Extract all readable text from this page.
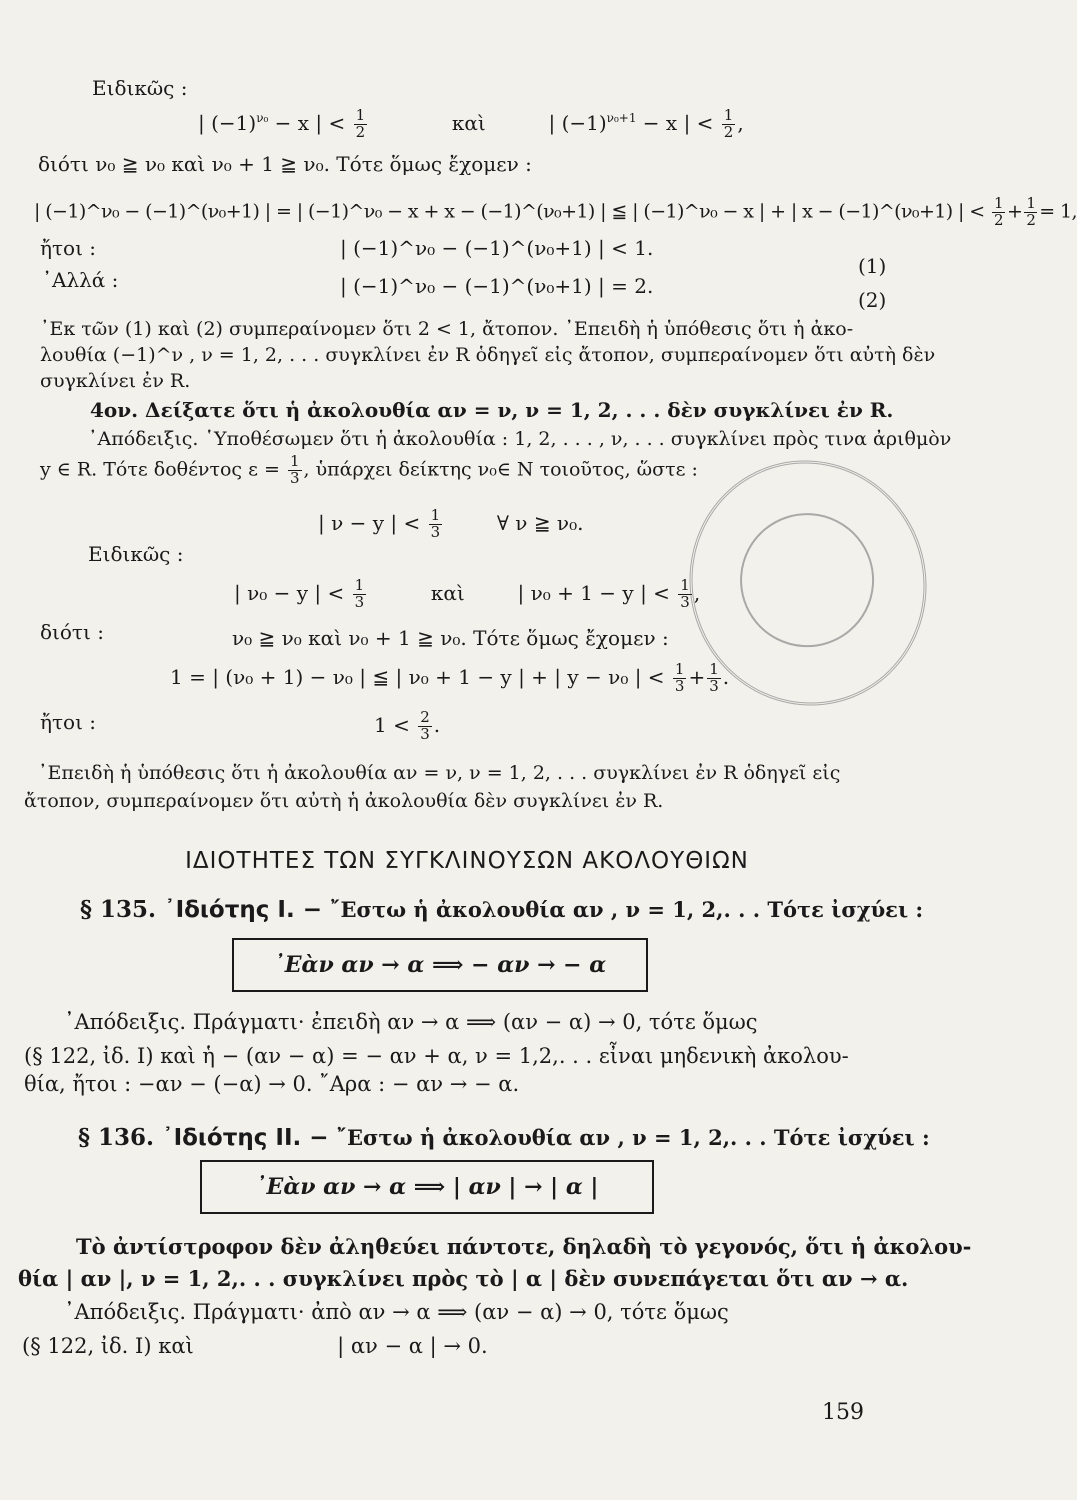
Eιδικῶς :
| $(-1)^{\nu_0} - x$ | < $\frac{1}{2}$	καὶ	| $(-1)^{\nu_0+1} - x$ | < $\frac{1}{2}$ ,
διότι ν₀ ≧ ν₀ καὶ ν₀ + 1 ≧ ν₀. Τότε ὅμως ἔχομεν :
| (−1)^ν₀ − (−1)^(ν₀+1) | = | (−1)^ν₀ − x + x − (−1)^(ν₀+1) | ≦ | (−1)^ν₀ − x | + | x − (−1)^(ν₀+1) | < $\frac{1}{2} + \frac{1}{2} = 1$,
ἤτοι :	| (−1)^ν₀ − (−1)^(ν₀+1) | < 1.
(1)
᾿Αλλά :	| (−1)^ν₀ − (−1)^(ν₀+1) | = 2.
(2)
᾿Εκ τῶν (1) καὶ (2) συμπεραίνομεν ὅτι 2 < 1, ἄτοπον. ᾿Επειδὴ ἡ ὑπόθεσις ὅτι ἡ ἀκο-
λουθία (−1)^ν , ν = 1, 2, . . . συγκλίνει ἐν R ὁδηγεῖ εἰς ἄτοπον, συμπεραίνομεν ὅτι αὐτὴ δὲν
συγκλίνει ἐν R.
4ον. Δείξατε ὅτι ἡ ἀκολουθία αν = ν, ν = 1, 2, . . . δὲν συγκλίνει ἐν R.
᾿Απόδειξις. ῾Υποθέσωμεν ὅτι ἡ ἀκολουθία : 1, 2, . . . , ν, . . . συγκλίνει πρὸς τινα ἀριθμὸν
y ∈ R. Τότε δοθέντος $\varepsilon = \frac{1}{3}$ , ὑπάρχει δείκτης ν₀∈ N τοιοῦτος, ὥστε :
| ν − y | < $\frac{1}{3}$	∀ ν ≧ ν₀.
Eιδικῶς :
| ν₀ − y | < $\frac{1}{3}$	καὶ	| ν₀ + 1 − y | < $\frac{1}{3}$ ,
διότι :	ν₀ ≧ ν₀ καὶ ν₀ + 1 ≧ ν₀. Τότε ὅμως ἔχομεν :
1 = | (ν₀ + 1) − ν₀ | ≦ | ν₀ + 1 − y | + | y − ν₀ | < $\frac{1}{3} + \frac{1}{3}$ .
ἤτοι :	$1 < \frac{2}{3}$ .
᾿Επειδὴ ἡ ὑπόθεσις ὅτι ἡ ἀκολουθία αν = ν, ν = 1, 2, . . . συγκλίνει ἐν R ὁδηγεῖ εἰς
ἄτοπον, συμπεραίνομεν ὅτι αὐτὴ ἡ ἀκολουθία δὲν συγκλίνει ἐν R.
ΙΔΙΟΤΗΤΕΣ ΤΩΝ ΣΥΓΚΛΙΝΟΥΣΩΝ ΑΚΟΛΟΥΘΙΩΝ
§ 135. ᾿Ιδιότης Ι. − ῎Εστω ἡ ἀκολουθία αν , ν = 1, 2,. . . Τότε ἰσχύει :
᾿Εὰν αν → α ⟹ − αν → − α
᾿Απόδειξις. Πράγματι· ἐπειδὴ αν → α ⟹ (αν − α) → 0, τότε ὅμως
(§ 122, ἰδ. Ι) καὶ ἡ − (αν − α) = − αν + α, ν = 1,2,. . . εἶναι μηδενικὴ ἀκολου-
θία, ἤτοι : −αν − (−α) → 0. ῎Αρα : − αν → − α.
§ 136. ᾿Ιδιότης ΙΙ. − ῎Εστω ἡ ἀκολουθία αν , ν = 1, 2,. . . Τότε ἰσχύει :
᾿Εὰν αν → α ⟹ | αν | → | α |
Τὸ ἀντίστροφον δὲν ἀληθεύει πάντοτε, δηλαδὴ τὸ γεγονός, ὅτι ἡ ἀκολου-
θία | αν |, ν = 1, 2,. . . συγκλίνει πρὸς τὸ | α | δὲν συνεπάγεται ὅτι αν → α.
᾿Απόδειξις. Πράγματι· ἀπὸ αν → α ⟹ (αν − α) → 0, τότε ὅμως
(§ 122, ἰδ. Ι) καὶ	| αν − α | → 0.
159
